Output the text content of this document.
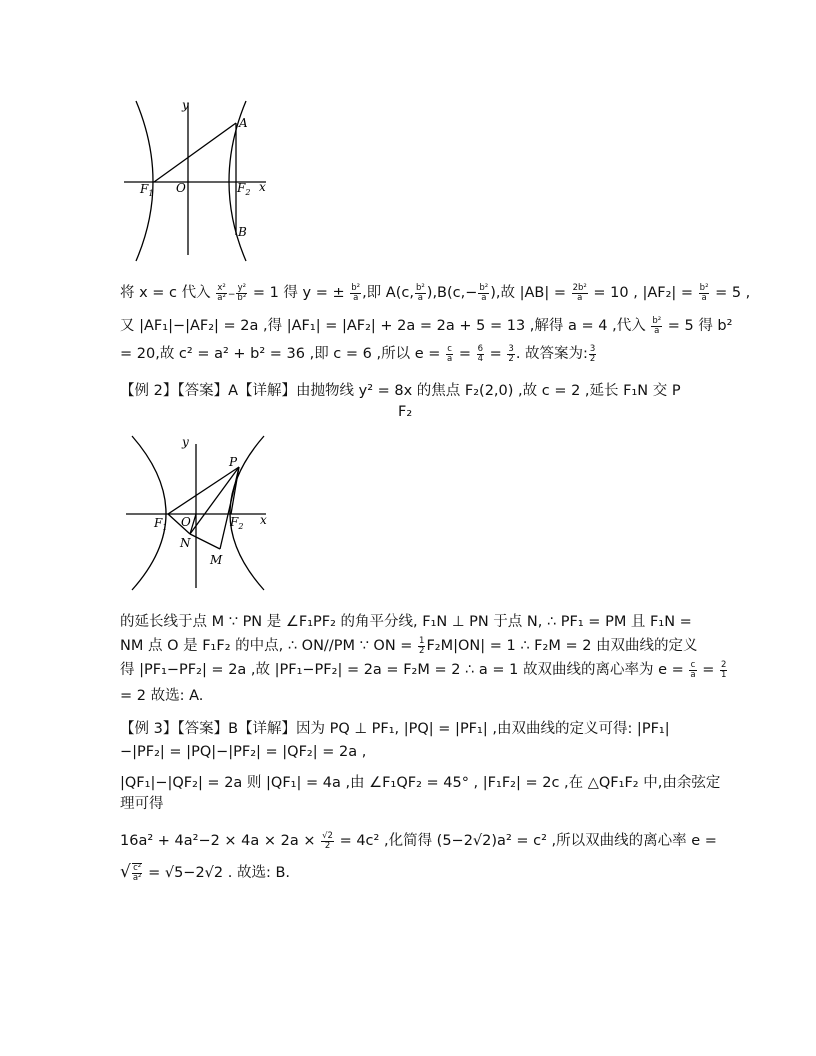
y
x
A
B
O
$F_1$	$F_2$
将 x = c 代入 $\frac{\text{x²}}{\text{a²}} - \frac{\text{y²}}{\text{b²}} = 1$ 得 y = ± $\frac{\text{b²}}{a}$ ,即 A(c, $\frac{\text{b²}}{a} ),B(c,- \frac{\text{b²}}{a}$ ),故 $|AB| = \frac{\text{2b²}}{a} = 10$ , $|AF_2| = \frac{\text{b²}}{a} = 5$ ,
又 |AF₁|−|AF₂| = 2a ,得 |AF₁| = |AF₂| + 2a = 2a + 5 = 13 ,解得 a = 4 ,代入 $\frac{\text{b²}}{a} = 5$ 得 b²
= 20,故 c² = a² + b² = 36 ,即 c = 6 ,所以 $e = \frac{c}{a} = \frac{6}{4} = \frac{3}{2}$ . 故答案为: $\frac{3}{2}$
【例 2】【答案】A【详解】由抛物线 y² = 8x 的焦点 F₂(2,0) ,故 c = 2 ,延长 F₁N 交 P
F₂
y
x
P
O
N
M
$F_1$	$F_2$
的延长线于点 M ∵ PN 是 ∠F₁PF₂ 的角平分线, F₁N ⊥ PN 于点 N, ∴ PF₁ = PM 且 F₁N =
NM 点 O 是 F₁F₂ 的中点, ∴ ON//PM ∵ ON = $\frac{1}{2} F_2M|ON| = 1$ ∴ F₂M = 2 由双曲线的定义
得 |PF₁−PF₂| = 2a ,故 |PF₁−PF₂| = 2a = F₂M = 2 ∴ a = 1 故双曲线的离心率为 $e = \frac{c}{a} = \frac{2}{1}$
= 2 故选: A.
【例 3】【答案】B【详解】因为 PQ ⊥ PF₁, |PQ| = |PF₁| ,由双曲线的定义可得: |PF₁|
−|PF₂| = |PQ|−|PF₂| = |QF₂| = 2a ,
|QF₁|−|QF₂| = 2a 则 |QF₁| = 4a ,由 ∠F₁QF₂ = 45° , |F₁F₂| = 2c ,在 △QF₁F₂ 中,由余弦定
理可得
$16a^2 + 4a^2-2 \times 4a \times 2a \times \frac{√2}{2} = 4c^2$ ,化简得 (5−2√2)a² = c² ,所以双曲线的离心率 e =
√ $\frac{\text{c²}}{\text{a²}} = √5-2√2$ . 故选: B.
